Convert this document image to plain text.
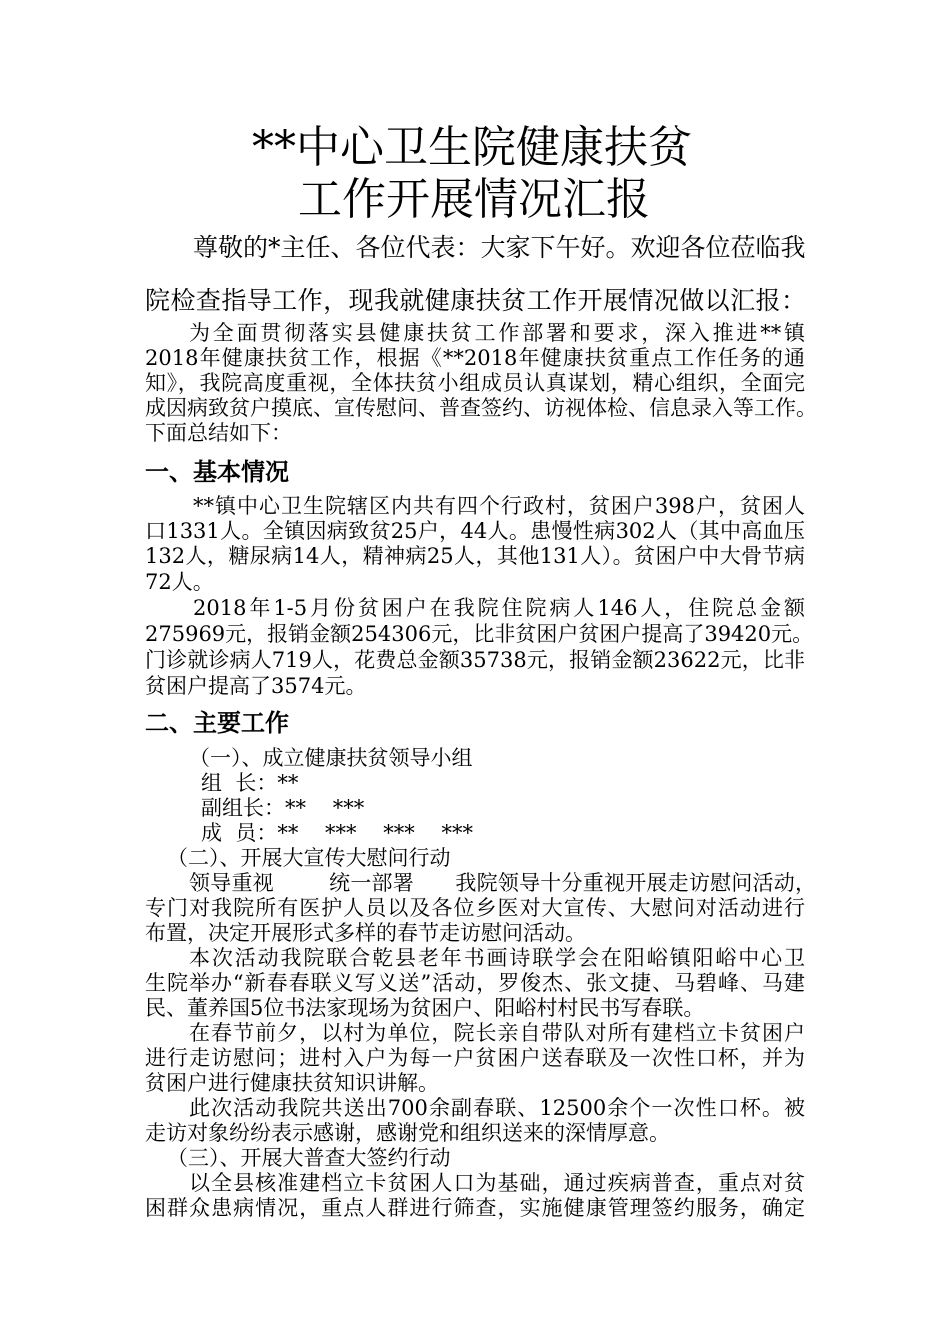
**中心卫生院健康扶贫
工作开展情况汇报
尊敬的*主任、各位代表：大家下午好。欢迎各位莅临我
院检查指导工作，现我就健康扶贫工作开展情况做以汇报：
为全面贯彻落实县健康扶贫工作部署和要求，深入推进**镇
2018年健康扶贫工作，根据《**2018年健康扶贫重点工作任务的通
知》，我院高度重视，全体扶贫小组成员认真谋划，精心组织，全面完
成因病致贫户摸底、宣传慰问、普查签约、访视体检、信息录入等工作。
下面总结如下：
一、基本情况
**镇中心卫生院辖区内共有四个行政村，贫困户398户，贫困人
口1331人。全镇因病致贫25户，44人。患慢性病302人（其中高血压
132人，糖尿病14人，精神病25人，其他131人）。贫困户中大骨节病
72人。
2018年1-5月份贫困户在我院住院病人146人，住院总金额
275969元，报销金额254306元，比非贫困户贫困户提高了39420元。
门诊就诊病人719人，花费总金额35738元，报销金额23622元，比非
贫困户提高了3574元。
二、主要工作
（一）、成立健康扶贫领导小组
组  长：**
副组长：**    ***
成  员：**    ***    ***    ***
（二）、开展大宣传大慰问行动
领导重视        统一部署      我院领导十分重视开展走访慰问活动，
专门对我院所有医护人员以及各位乡医对大宣传、大慰问对活动进行
布置，决定开展形式多样的春节走访慰问活动。
本次活动我院联合乾县老年书画诗联学会在阳峪镇阳峪中心卫
生院举办“新春春联义写义送”活动，罗俊杰、张文捷、马碧峰、马建
民、董养国5位书法家现场为贫困户、阳峪村村民书写春联。
在春节前夕，以村为单位，院长亲自带队对所有建档立卡贫困户
进行走访慰问；进村入户为每一户贫困户送春联及一次性口杯，并为
贫困户进行健康扶贫知识讲解。
此次活动我院共送出700余副春联、12500余个一次性口杯。被
走访对象纷纷表示感谢，感谢党和组织送来的深情厚意。
（三）、开展大普查大签约行动
以全县核准建档立卡贫困人口为基础，通过疾病普查，重点对贫
困群众患病情况，重点人群进行筛查，实施健康管理签约服务，确定
